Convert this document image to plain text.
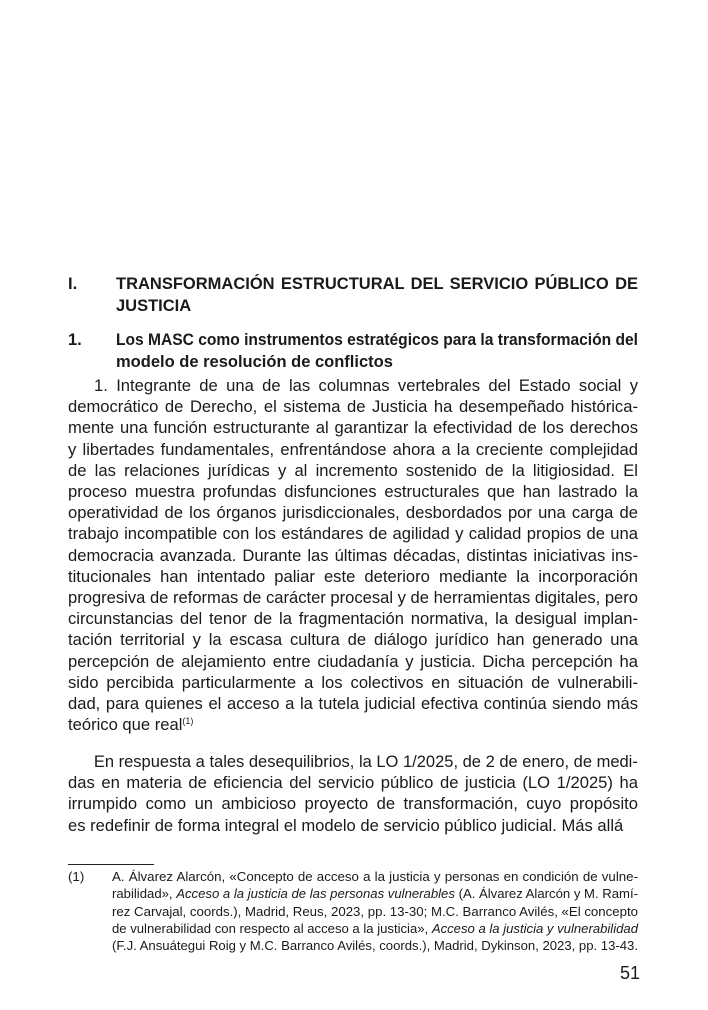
I. TRANSFORMACIÓN ESTRUCTURAL DEL SERVICIO PÚBLICO DE
JUSTICIA
1. Los MASC como instrumentos estratégicos para la transformación del
modelo de resolución de conflictos
1. Integrante de una de las columnas vertebrales del Estado social y
democrático de Derecho, el sistema de Justicia ha desempeñado histórica-
mente una función estructurante al garantizar la efectividad de los derechos
y libertades fundamentales, enfrentándose ahora a la creciente complejidad
de las relaciones jurídicas y al incremento sostenido de la litigiosidad. El
proceso muestra profundas disfunciones estructurales que han lastrado la
operatividad de los órganos jurisdiccionales, desbordados por una carga de
trabajo incompatible con los estándares de agilidad y calidad propios de una
democracia avanzada. Durante las últimas décadas, distintas iniciativas ins-
titucionales han intentado paliar este deterioro mediante la incorporación
progresiva de reformas de carácter procesal y de herramientas digitales, pero
circunstancias del tenor de la fragmentación normativa, la desigual implan-
tación territorial y la escasa cultura de diálogo jurídico han generado una
percepción de alejamiento entre ciudadanía y justicia. Dicha percepción ha
sido percibida particularmente a los colectivos en situación de vulnerabili-
dad, para quienes el acceso a la tutela judicial efectiva continúa siendo más
teórico que real$^{(1)}$
En respuesta a tales desequilibrios, la LO 1/2025, de 2 de enero, de medi-
das en materia de eficiencia del servicio público de justicia (LO 1/2025) ha
irrumpido como un ambicioso proyecto de transformación, cuyo propósito
es redefinir de forma integral el modelo de servicio público judicial. Más allá
(1) A. Álvarez Alarcón, «Concepto de acceso a la justicia y personas en condición de vulne-
rabilidad», Acceso a la justicia de las personas vulnerables (A. Álvarez Alarcón y M. Ramí-
rez Carvajal, coords.), Madrid, Reus, 2023, pp. 13-30; M.C. Barranco Avilés, «El concepto
de vulnerabilidad con respecto al acceso a la justicia», Acceso a la justicia y vulnerabilidad
(F.J. Ansuátegui Roig y M.C. Barranco Avilés, coords.), Madrid, Dykinson, 2023, pp. 13-43.
51
